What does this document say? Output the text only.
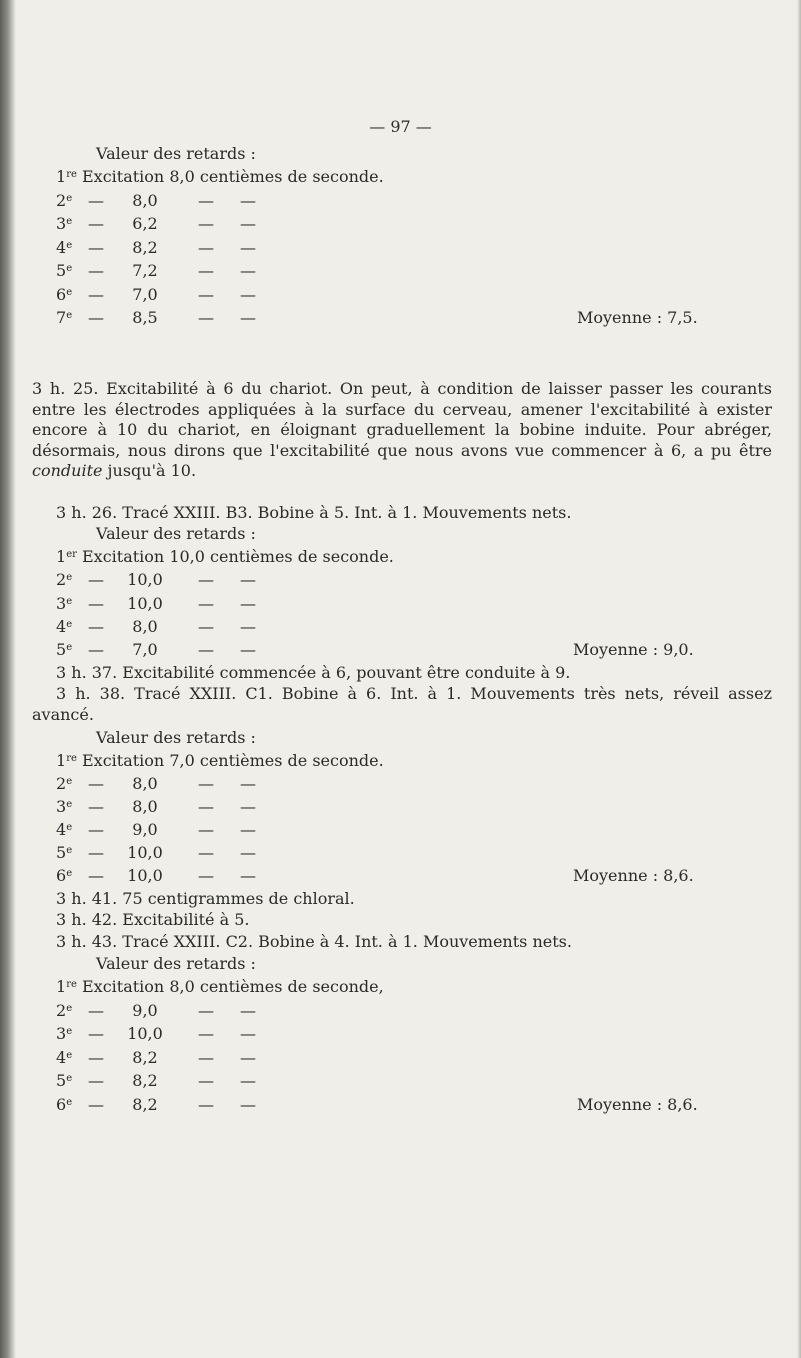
— 97 —
Valeur des retards :
1re Excitation 8,0 centièmes de seconde.
2e —	8,0	— —
3e —	6,2	— —
4e —	8,2	— —
5e —	7,2	— —
6e —	7,0	— —
7e —	8,5	— —	Moyenne : 7,5.

3 h. 25. Excitabilité à 6 du chariot. On peut, à condition de laisser passer les courants entre les électrodes appliquées à la surface du cerveau, amener l'excitabilité à exister encore à 10 du chariot, en éloignant graduellement la bobine induite. Pour abréger, désormais, nous dirons que l'excitabilité que nous avons vue commencer à 6, a pu être conduite jusqu'à 10.

3 h. 26. Tracé XXIII. B3. Bobine à 5. Int. à 1. Mouvements nets.
Valeur des retards :
1er Excitation 10,0 centièmes de seconde.
2e —	10,0	— —
3e —	10,0	— —
4e —	8,0	— —
5e —	7,0	— —	Moyenne : 9,0.
3 h. 37. Excitabilité commencée à 6, pouvant être conduite à 9.

3 h. 38. Tracé XXIII. C1. Bobine à 6. Int. à 1. Mouvements très nets, réveil assez avancé.

Valeur des retards :
1re Excitation 7,0 centièmes de seconde.
2e —	8,0	— —
3e —	8,0	— —
4e —	9,0	— —
5e —	10,0	— —
6e —	10,0	— —	Moyenne : 8,6.
3 h. 41. 75 centigrammes de chloral.
3 h. 42. Excitabilité à 5.
3 h. 43. Tracé XXIII. C2. Bobine à 4. Int. à 1. Mouvements nets.
Valeur des retards :
1re Excitation 8,0 centièmes de seconde,
2e —	9,0	— —
3e —	10,0	— —
4e —	8,2	— —
5e —	8,2	— —
6e —	8,2	— —	Moyenne : 8,6.
